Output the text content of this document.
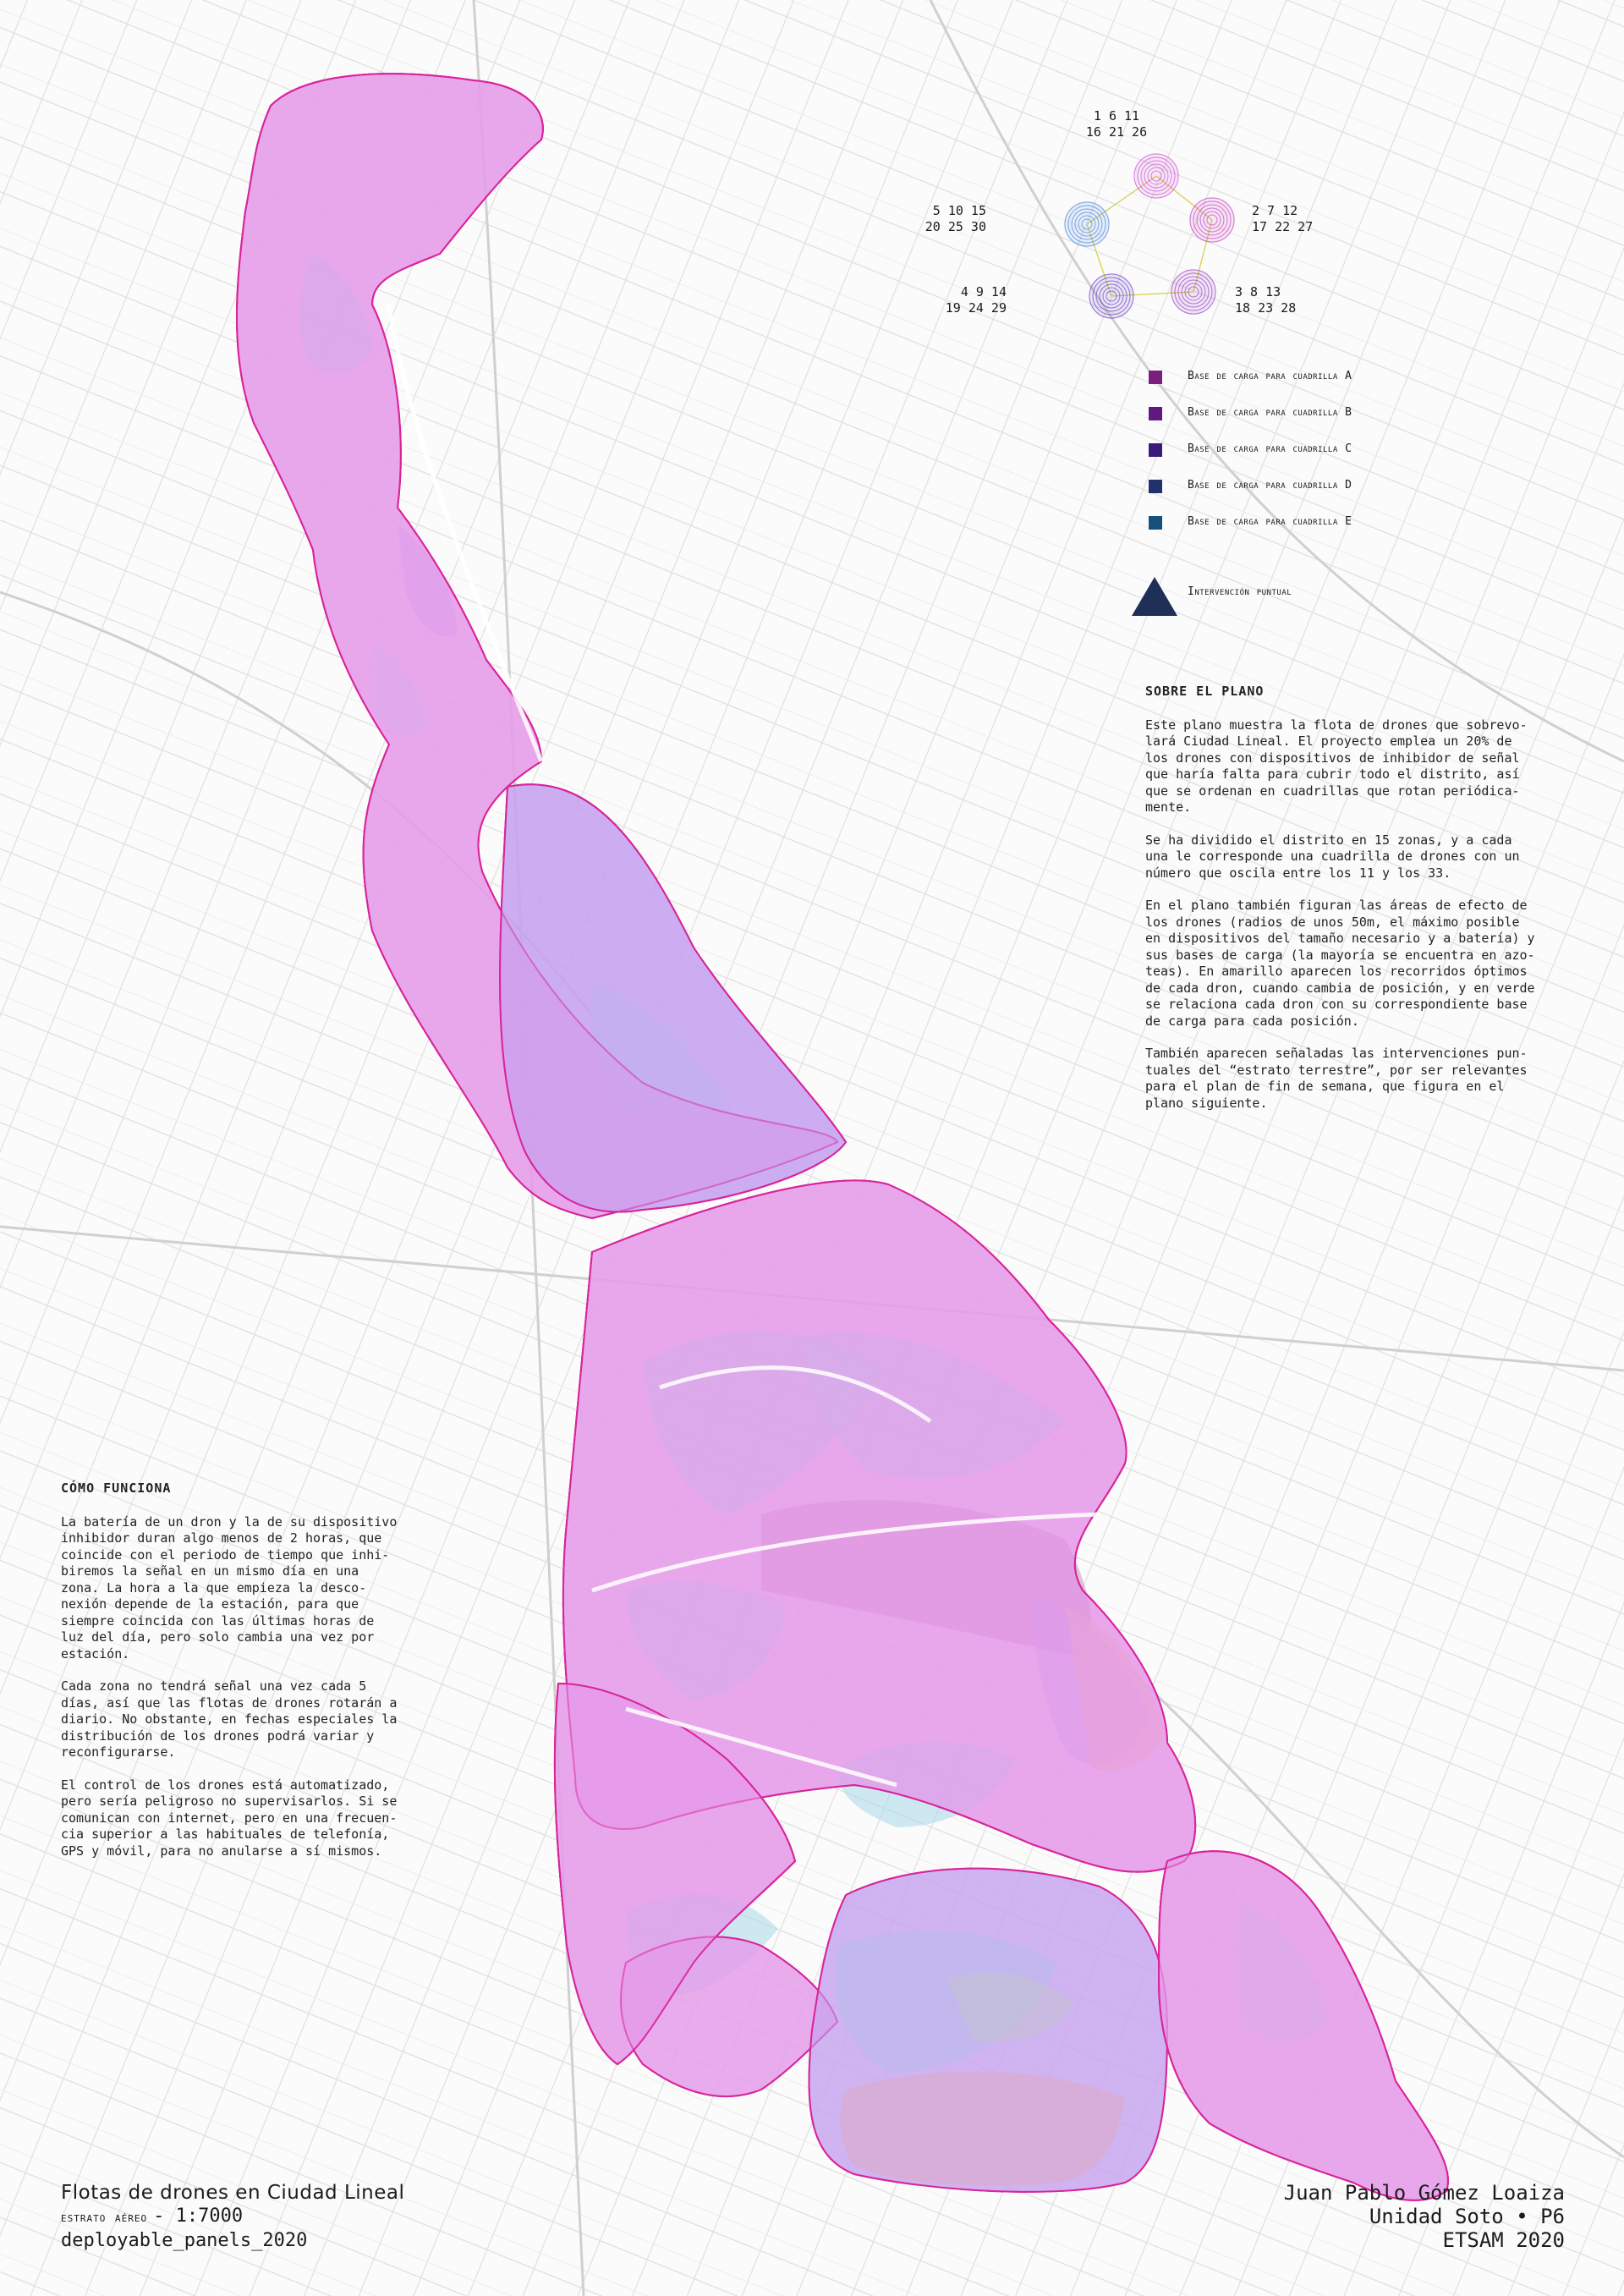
1 6 11
16 21 26
2 7 12
17 22 27
3 8 13
18 23 28
4 9 14
19 24 29
5 10 15
20 25 30
Base de carga para cuadrilla A
Base de carga para cuadrilla B
Base de carga para cuadrilla C
Base de carga para cuadrilla D
Base de carga para cuadrilla E
Intervención puntual
SOBRE EL PLANO

Este plano muestra la flota de drones que sobrevo-
lará Ciudad Lineal. El proyecto emplea un 20% de
los drones con dispositivos de inhibidor de señal
que haría falta para cubrir todo el distrito, así
que se ordenan en cuadrillas que rotan periódica-
mente.

Se ha dividido el distrito en 15 zonas, y a cada
una le corresponde una cuadrilla de drones con un
número que oscila entre los 11 y los 33.

En el plano también figuran las áreas de efecto de
los drones (radios de unos 50m, el máximo posible
en dispositivos del tamaño necesario y a batería) y
sus bases de carga (la mayoría se encuentra en azo-
teas). En amarillo aparecen los recorridos óptimos
de cada dron, cuando cambia de posición, y en verde
se relaciona cada dron con su correspondiente base
de carga para cada posición.

También aparecen señaladas las intervenciones pun-
tuales del “estrato terrestre”, por ser relevantes
para el plan de fin de semana, que figura en el
plano siguiente.

CÓMO FUNCIONA

La batería de un dron y la de su dispositivo
inhibidor duran algo menos de 2 horas, que
coincide con el periodo de tiempo que inhi-
biremos la señal en un mismo día en una
zona. La hora a la que empieza la desco-
nexión depende de la estación, para que
siempre coincida con las últimas horas de
luz del día, pero solo cambia una vez por
estación.

Cada zona no tendrá señal una vez cada 5
días, así que las flotas de drones rotarán a
diario. No obstante, en fechas especiales la
distribución de los drones podrá variar y
reconfigurarse.

El control de los drones está automatizado,
pero sería peligroso no supervisarlos. Si se
comunican con internet, pero en una frecuen-
cia superior a las habituales de telefonía,
GPS y móvil, para no anularse a sí mismos.

Flotas de drones en Ciudad Lineal
estrato aéreo - 1:7000
deployable_panels_2020
Juan Pablo Gómez Loaiza
Unidad Soto • P6
ETSAM 2020
